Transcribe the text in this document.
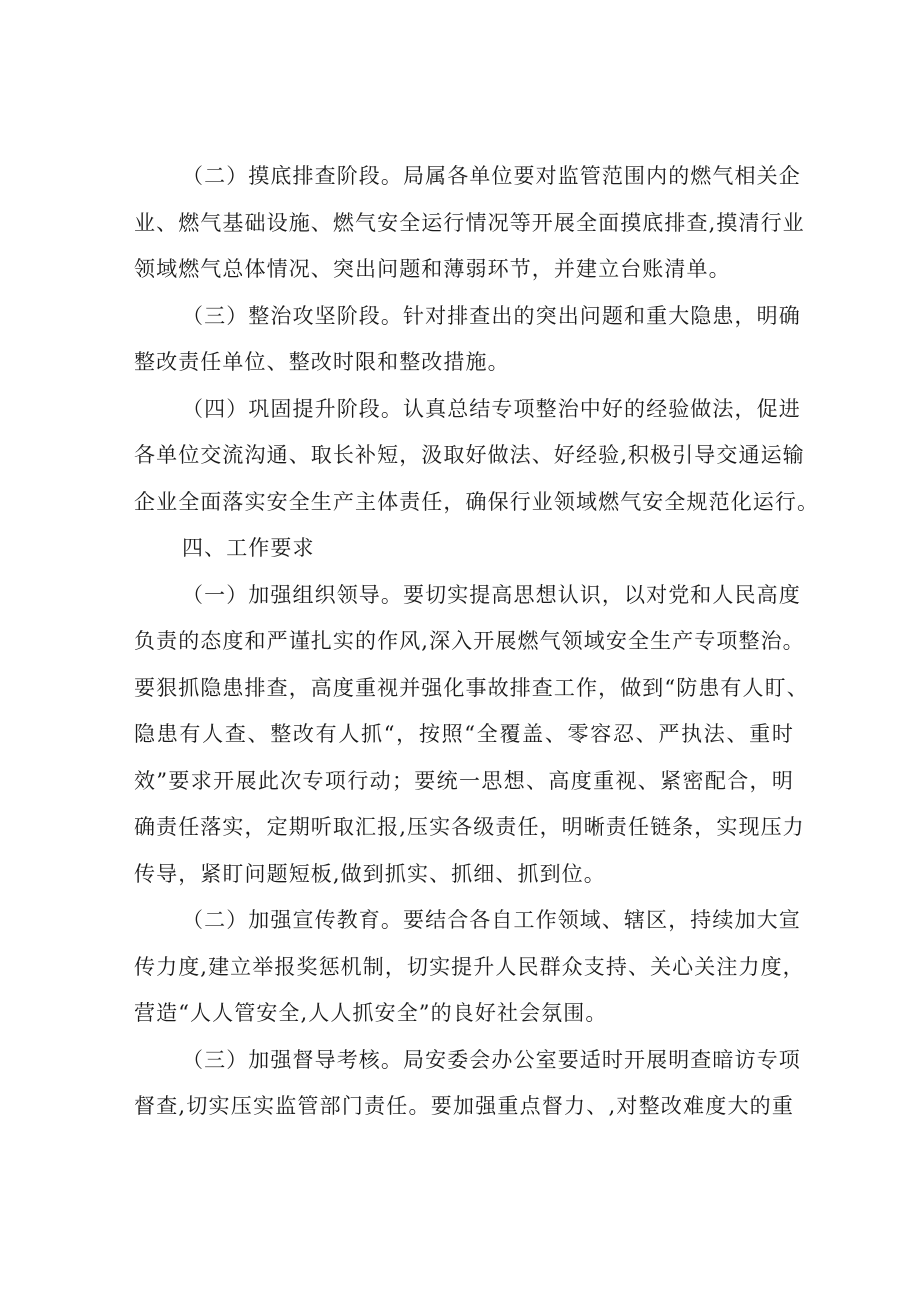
（二）摸底排查阶段。局属各单位要对监管范围内的燃气相关企
业、燃气基础设施、燃气安全运行情况等开展全面摸底排查,摸清行业
领域燃气总体情况、突出问题和薄弱环节，并建立台账清单。
（三）整治攻坚阶段。针对排查出的突出问题和重大隐患，明确
整改责任单位、整改时限和整改措施。
（四）巩固提升阶段。认真总结专项整治中好的经验做法，促进
各单位交流沟通、取长补短，汲取好做法、好经验,积极引导交通运输
企业全面落实安全生产主体责任，确保行业领域燃气安全规范化运行。
四、工作要求
（一）加强组织领导。要切实提高思想认识，以对党和人民高度
负责的态度和严谨扎实的作风,深入开展燃气领域安全生产专项整治。
要狠抓隐患排查，高度重视并强化事故排查工作，做到“防患有人盯、
隐患有人查、整改有人抓“，按照“全覆盖、零容忍、严执法、重时
效”要求开展此次专项行动；要统一思想、高度重视、紧密配合，明
确责任落实，定期听取汇报,压实各级责任，明晰责任链条，实现压力
传导，紧盯问题短板,做到抓实、抓细、抓到位。
（二）加强宣传教育。要结合各自工作领域、辖区，持续加大宣
传力度,建立举报奖惩机制，切实提升人民群众支持、关心关注力度，
营造“人人管安全,人人抓安全”的良好社会氛围。
（三）加强督导考核。局安委会办公室要适时开展明查暗访专项
督查,切实压实监管部门责任。要加强重点督力、,对整改难度大的重
